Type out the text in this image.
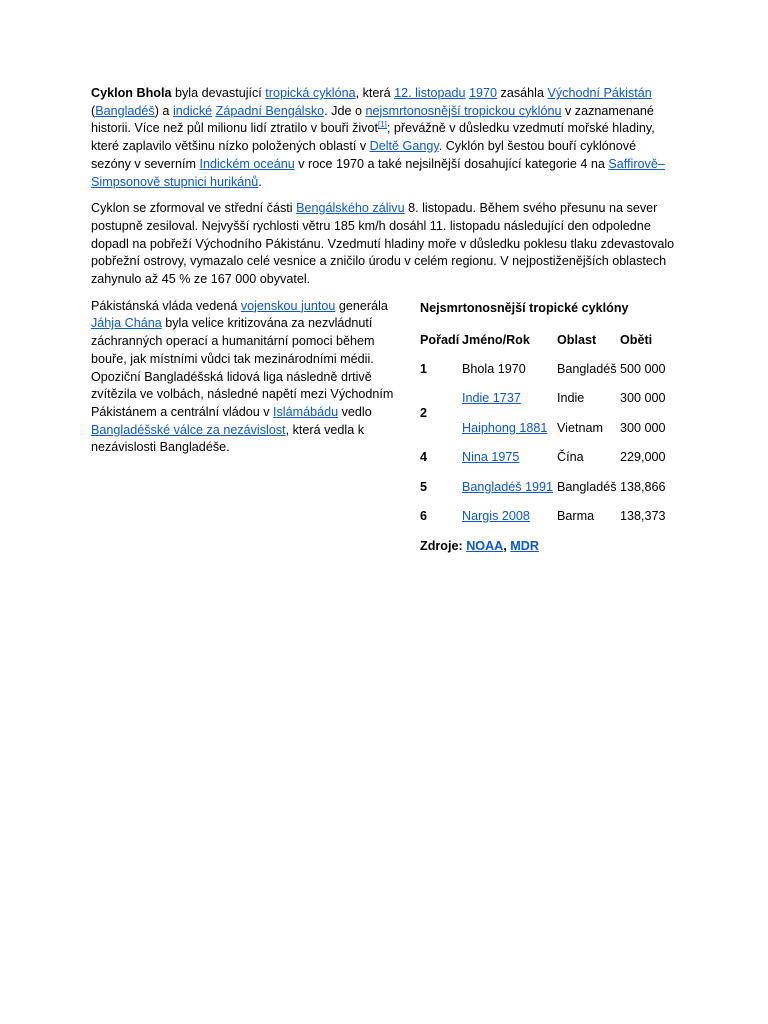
Cyklon Bhola byla devastující tropická cyklóna, která 12. listopadu 1970 zasáhla Východní Pákistán (Bangladéš) a indické Západní Bengálsko. Jde o nejsmrtonosnější tropickou cyklónu v zaznamenané historii. Více než půl milionu lidí ztratilo v bouři život[1]; převážně v důsledku vzedmutí mořské hladiny, které zaplavilo většinu nízko položených oblastí v Deltě Gangy. Cyklón byl šestou bouří cyklónové sezóny v severním Indickém oceánu v roce 1970 a také nejsilnější dosahující kategorie 4 na Saffirově–Simpsonově stupnici hurikánů.

Cyklon se zformoval ve střední části Bengálského zálivu 8. listopadu. Během svého přesunu na sever postupně zesiloval. Nejvyšší rychlosti větru 185 km/h dosáhl 11. listopadu následující den odpoledne dopadl na pobřeží Východního Pákistánu. Vzedmutí hladiny moře v důsledku poklesu tlaku zdevastovalo pobřežní ostrovy, vymazalo celé vesnice a zničilo úrodu v celém regionu. V nejpostiženějších oblastech zahynulo až 45 % ze 167 000 obyvatel.

Nejsmrtonosnější tropické cyklóny
Pořadí	Jméno/Rok	Oblast	Oběti
1	Bhola 1970	Bangladéš	500 000
2	Indie 1737	Indie	300 000
	Haiphong 1881	Vietnam	300 000
4	Nina 1975	Čína	229,000
5	Bangladéš 1991	Bangladéš	138,866
6	Nargis 2008	Barma	138,373
Zdroje: NOAA, MDR

Pákistánská vláda vedená vojenskou juntou generála Jáhja Chána byla velice kritizována za nezvládnutí záchranných operací a humanitární pomoci během bouře, jak místními vůdci tak mezinárodními médii. Opoziční Bangladéšská lidová liga následně drtivě zvítězila ve volbách, následné napětí mezi Východním Pákistánem a centrální vládou v Islámábádu vedlo Bangladéšské válce za nezávislost, která vedla k nezávislosti Bangladéše.
